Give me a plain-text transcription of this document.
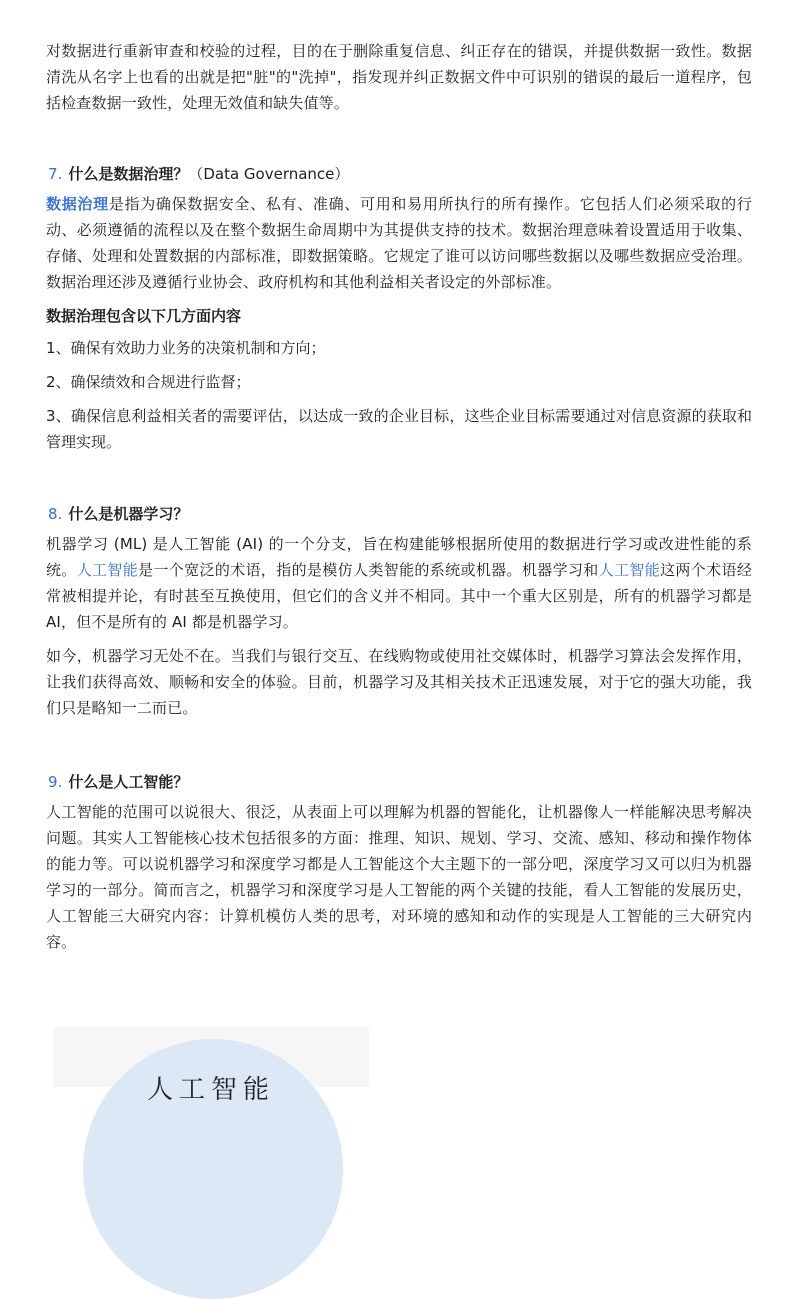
对数据进行重新审查和校验的过程，目的在于删除重复信息、纠正存在的错误，并提供数据一致性。数据清洗从名字上也看的出就是把"脏"的"洗掉"，指发现并纠正数据文件中可识别的错误的最后一道程序，包括检查数据一致性，处理无效值和缺失值等。

7. 什么是数据治理？（Data Governance）

数据治理是指为确保数据安全、私有、准确、可用和易用所执行的所有操作。它包括人们必须采取的行动、必须遵循的流程以及在整个数据生命周期中为其提供支持的技术。数据治理意味着设置适用于收集、存储、处理和处置数据的内部标准，即数据策略。它规定了谁可以访问哪些数据以及哪些数据应受治理。数据治理还涉及遵循行业协会、政府机构和其他利益相关者设定的外部标准。

数据治理包含以下几方面内容

1、确保有效助力业务的决策机制和方向；

2、确保绩效和合规进行监督；

3、确保信息利益相关者的需要评估，以达成一致的企业目标，这些企业目标需要通过对信息资源的获取和管理实现。

8. 什么是机器学习？

机器学习 (ML) 是人工智能 (AI) 的一个分支，旨在构建能够根据所使用的数据进行学习或改进性能的系统。人工智能是一个宽泛的术语，指的是模仿人类智能的系统或机器。机器学习和人工智能这两个术语经常被相提并论，有时甚至互换使用，但它们的含义并不相同。其中一个重大区别是，所有的机器学习都是 AI，但不是所有的 AI 都是机器学习。

如今，机器学习无处不在。当我们与银行交互、在线购物或使用社交媒体时，机器学习算法会发挥作用，让我们获得高效、顺畅和安全的体验。目前，机器学习及其相关技术正迅速发展，对于它的强大功能，我们只是略知一二而已。

9. 什么是人工智能？

人工智能的范围可以说很大、很泛，从表面上可以理解为机器的智能化，让机器像人一样能解决思考解决问题。其实人工智能核心技术包括很多的方面：推理、知识、规划、学习、交流、感知、移动和操作物体的能力等。可以说机器学习和深度学习都是人工智能这个大主题下的一部分吧，深度学习又可以归为机器学习的一部分。简而言之，机器学习和深度学习是人工智能的两个关键的技能，看人工智能的发展历史，人工智能三大研究内容：计算机模仿人类的思考，对环境的感知和动作的实现是人工智能的三大研究内容。

人工智能
